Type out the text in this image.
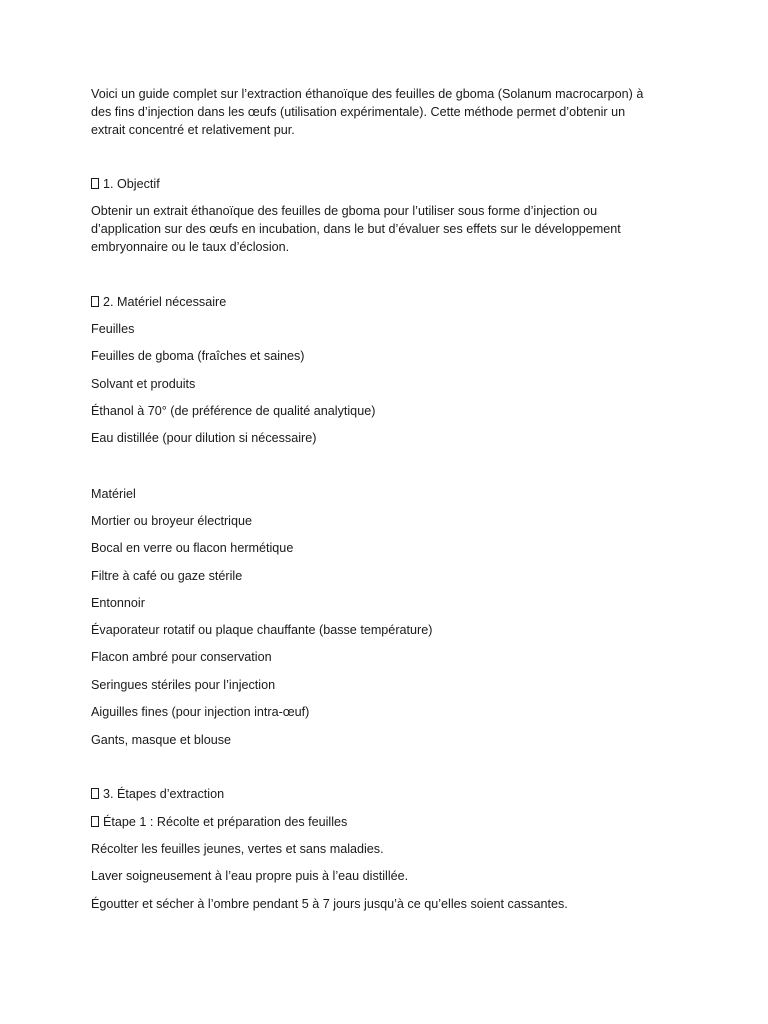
Voici un guide complet sur l’extraction éthanoïque des feuilles de gboma (Solanum macrocarpon) à
des fins d’injection dans les œufs (utilisation expérimentale). Cette méthode permet d’obtenir un
extrait concentré et relativement pur.
1. Objectif
Obtenir un extrait éthanoïque des feuilles de gboma pour l’utiliser sous forme d’injection ou
d’application sur des œufs en incubation, dans le but d’évaluer ses effets sur le développement
embryonnaire ou le taux d’éclosion.
2. Matériel nécessaire
Feuilles
Feuilles de gboma (fraîches et saines)
Solvant et produits
Éthanol à 70° (de préférence de qualité analytique)
Eau distillée (pour dilution si nécessaire)
Matériel
Mortier ou broyeur électrique
Bocal en verre ou flacon hermétique
Filtre à café ou gaze stérile
Entonnoir
Évaporateur rotatif ou plaque chauffante (basse température)
Flacon ambré pour conservation
Seringues stériles pour l’injection
Aiguilles fines (pour injection intra-œuf)
Gants, masque et blouse
3. Étapes d’extraction
Étape 1 : Récolte et préparation des feuilles
Récolter les feuilles jeunes, vertes et sans maladies.
Laver soigneusement à l’eau propre puis à l’eau distillée.
Égoutter et sécher à l’ombre pendant 5 à 7 jours jusqu’à ce qu’elles soient cassantes.
